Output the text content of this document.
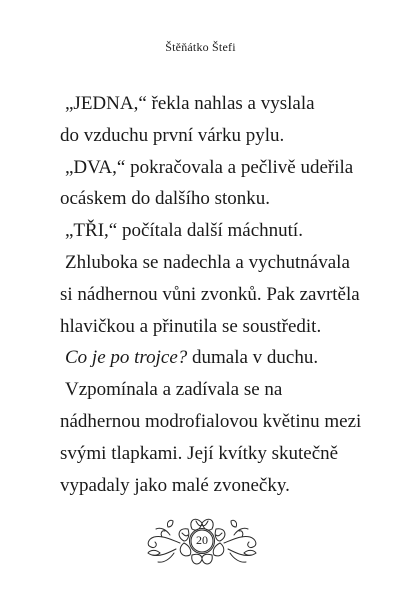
Štěňátko Štefi

„JEDNA,“ řekla nahlas a vyslala
do vzduchu první várku pylu.

„DVA,“ pokračovala a pečlivě udeřila
ocáskem do dalšího stonku.

„TŘI,“ počítala další máchnutí.

Zhluboka se nadechla a vychutnávala
si nádhernou vůni zvonků. Pak zavrtěla
hlavičkou a přinutila se soustředit.

Co je po trojce? dumala v duchu.

Vzpomínala a zadívala se na
nádhernou modrofialovou květinu mezi
svými tlapkami. Její kvítky skutečně
vypadaly jako malé zvonečky.

20
